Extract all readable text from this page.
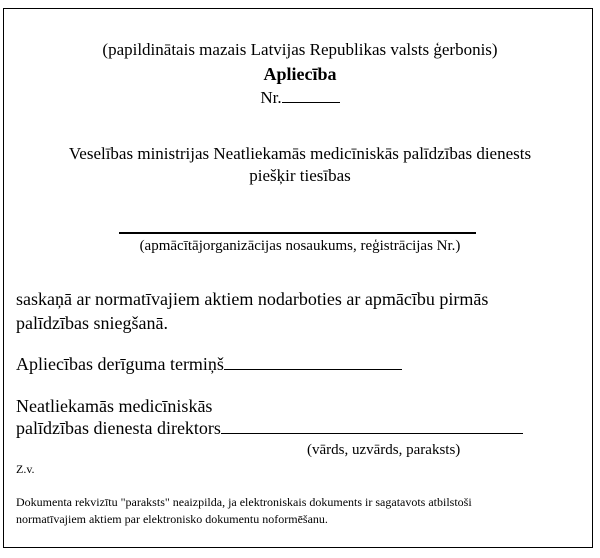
(papildinātais mazais Latvijas Republikas valsts ģerbonis)
Apliecība
Nr.
Veselības ministrijas Neatliekamās medicīniskās palīdzības dienests
piešķir tiesības
(apmācītājorganizācijas nosaukums, reģistrācijas Nr.)
saskaņā ar normatīvajiem aktiem nodarboties ar apmācību pirmās
palīdzības sniegšanā.
Apliecības derīguma termiņš
Neatliekamās medicīniskās
palīdzības dienesta direktors
(vārds, uzvārds, paraksts)
Z.v.
Dokumenta rekvizītu "paraksts" neaizpilda, ja elektroniskais dokuments ir sagatavots atbilstoši
normatīvajiem aktiem par elektronisko dokumentu noformēšanu.
